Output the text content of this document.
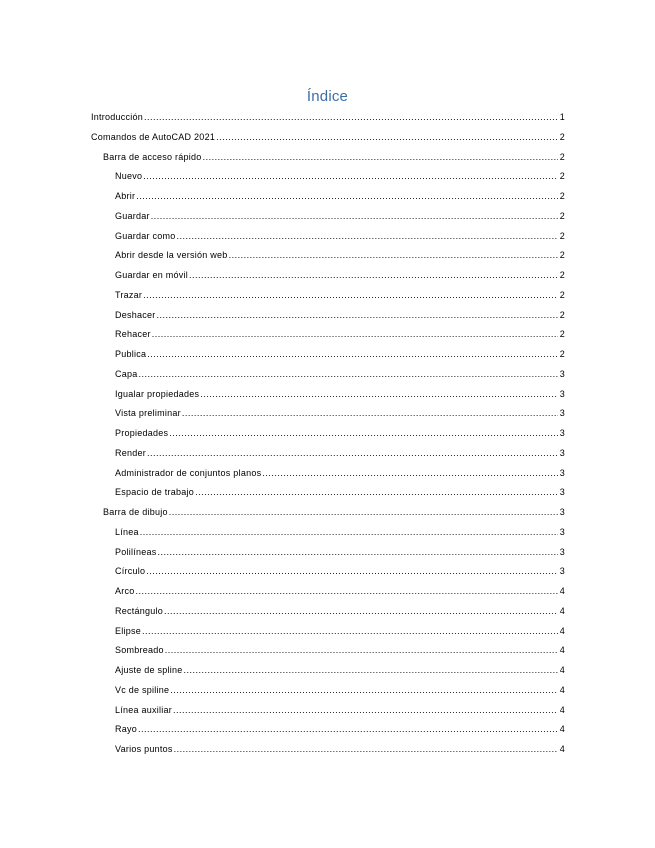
Índice
Introducción .....	1
Comandos de AutoCAD 2021 .....	2
Barra de acceso rápido .....	2
Nuevo .....	2
Abrir .....	2
Guardar .....	2
Guardar como .....	2
Abrir desde la versión web .....	2
Guardar en móvil .....	2
Trazar .....	2
Deshacer .....	2
Rehacer .....	2
Publica .....	2
Capa .....	3
Igualar propiedades .....	3
Vista preliminar .....	3
Propiedades .....	3
Render .....	3
Administrador de conjuntos planos .....	3
Espacio de trabajo .....	3
Barra de dibujo .....	3
Línea .....	3
Polilíneas .....	3
Círculo .....	3
Arco .....	4
Rectángulo .....	4
Elipse .....	4
Sombreado .....	4
Ajuste de spline .....	4
Vc de spiline .....	4
Línea auxiliar .....	4
Rayo .....	4
Varios puntos .....	4
